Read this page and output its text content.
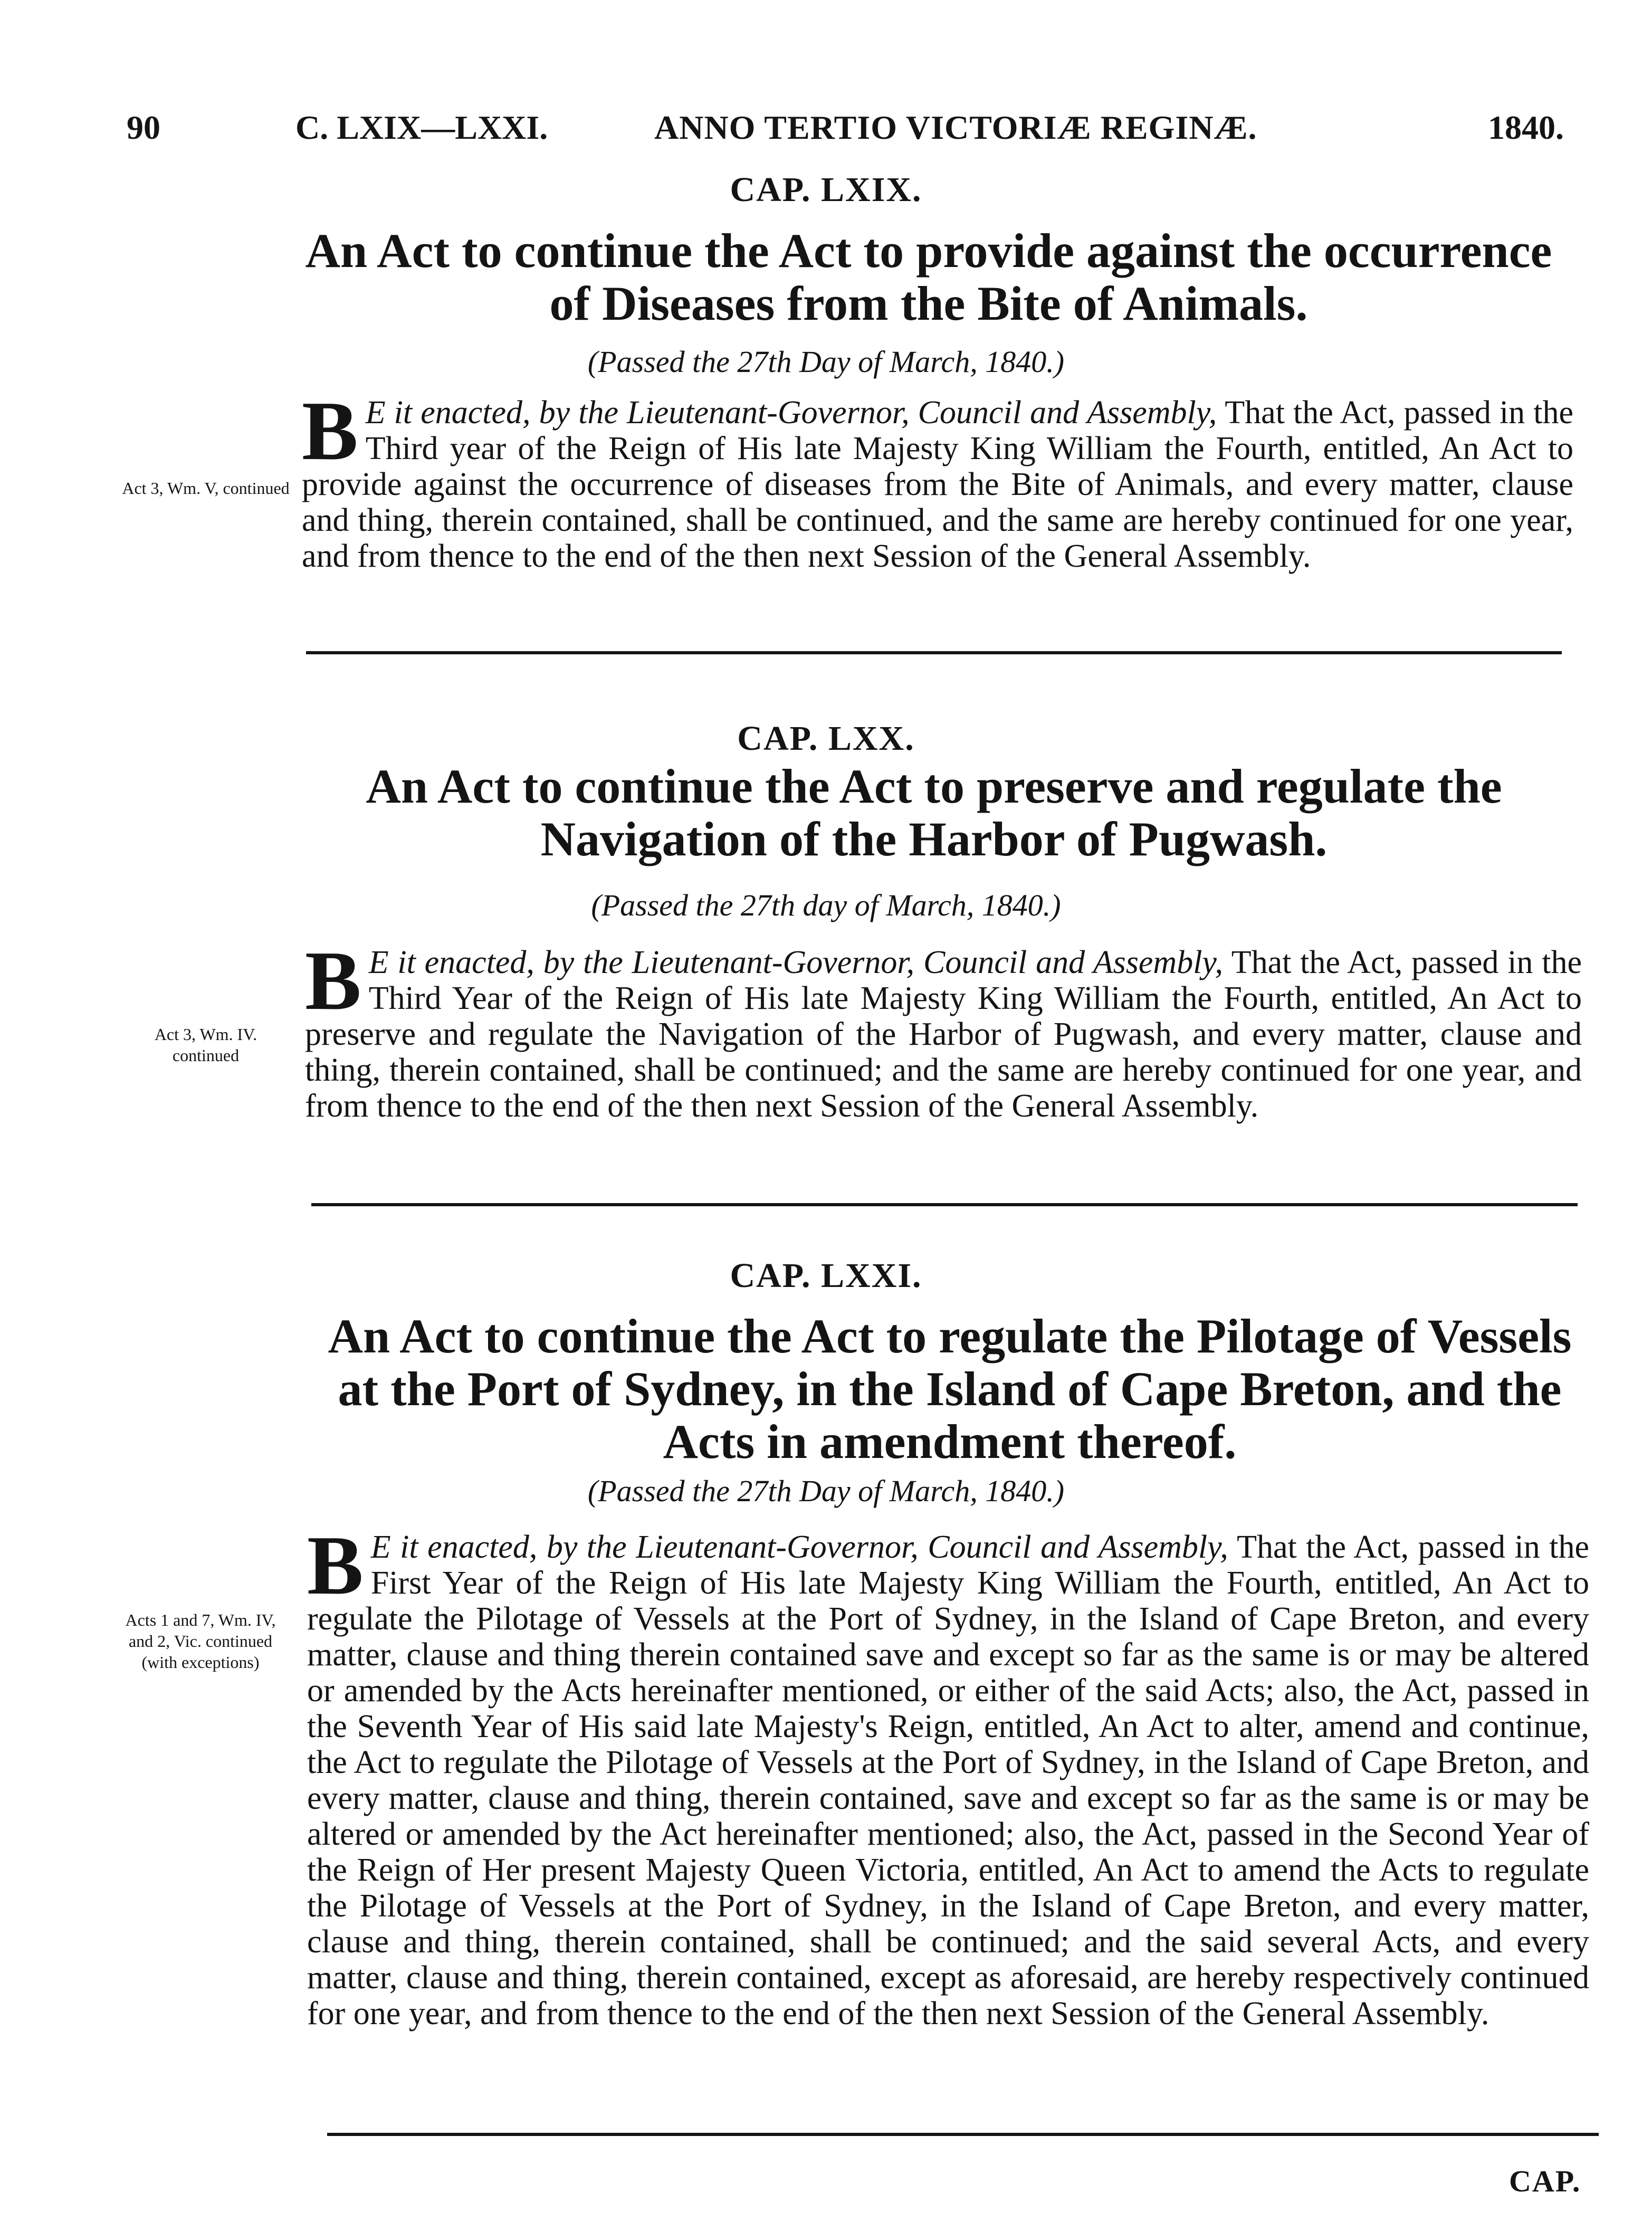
90	C. LXIX—LXXI.	ANNO TERTIO VICTORIÆ REGINÆ.	1840.
CAP. LXIX.
An Act to continue the Act to provide against the occurrence of Diseases from the Bite of Animals.
(Passed the 27th Day of March, 1840.)
Act 3, Wm. V, continued
B E it enacted, by the Lieutenant-Governor, Council and Assembly, That the Act, passed in the Third year of the Reign of His late Majesty King William the Fourth, entitled, An Act to provide against the occurrence of diseases from the Bite of Animals, and every matter, clause and thing, therein contained, shall be continued, and the same are hereby continued for one year, and from thence to the end of the then next Session of the General Assembly.
CAP. LXX.
An Act to continue the Act to preserve and regulate the Navigation of the Harbor of Pugwash.
(Passed the 27th day of March, 1840.)
Act 3, Wm. IV. continued
B E it enacted, by the Lieutenant-Governor, Council and Assembly, That the Act, passed in the Third Year of the Reign of His late Majesty King William the Fourth, entitled, An Act to preserve and regulate the Navigation of the Harbor of Pugwash, and every matter, clause and thing, therein contained, shall be continued; and the same are hereby continued for one year, and from thence to the end of the then next Session of the General Assembly.
CAP. LXXI.
An Act to continue the Act to regulate the Pilotage of Vessels at the Port of Sydney, in the Island of Cape Breton, and the Acts in amendment thereof.
(Passed the 27th Day of March, 1840.)
Acts 1 and 7, Wm. IV, and 2, Vic. continued (with exceptions)
B E it enacted, by the Lieutenant-Governor, Council and Assembly, That the Act, passed in the First Year of the Reign of His late Majesty King William the Fourth, entitled, An Act to regulate the Pilotage of Vessels at the Port of Sydney, in the Island of Cape Breton, and every matter, clause and thing therein contained save and except so far as the same is or may be altered or amended by the Acts hereinafter mentioned, or either of the said Acts; also, the Act, passed in the Seventh Year of His said late Majesty's Reign, entitled, An Act to alter, amend and continue, the Act to regulate the Pilotage of Vessels at the Port of Sydney, in the Island of Cape Breton, and every matter, clause and thing, therein contained, save and except so far as the same is or may be altered or amended by the Act hereinafter mentioned; also, the Act, passed in the Second Year of the Reign of Her present Majesty Queen Victoria, entitled, An Act to amend the Acts to regulate the Pilotage of Vessels at the Port of Sydney, in the Island of Cape Breton, and every matter, clause and thing, therein contained, shall be continued; and the said several Acts, and every matter, clause and thing, therein contained, except as aforesaid, are hereby respectively continued for one year, and from thence to the end of the then next Session of the General Assembly.
CAP.
